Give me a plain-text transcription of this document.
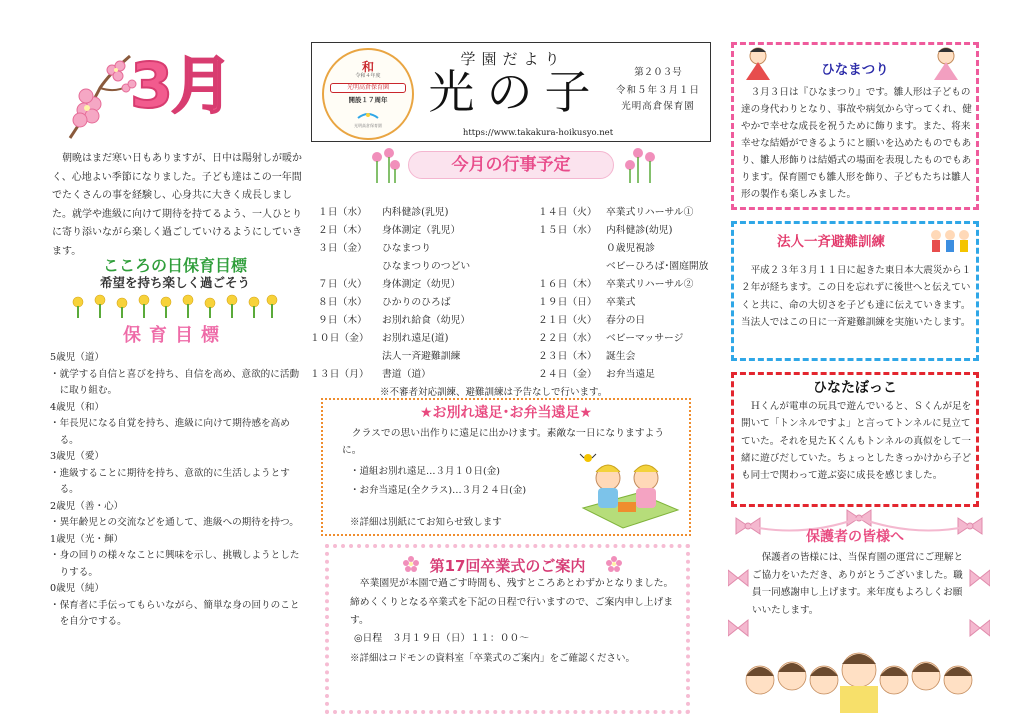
3月
朝晩はまだ寒い日もありますが、日中は陽射しが暖かく、心地よい季節になりました。子ども達はこの一年間でたくさんの事を経験し、心身共に大きく成長しました。就学や進級に向けて期待を持てるよう、一人ひとりに寄り添いながら楽しく過ごしていけるようにしていきます。
こころの日保育目標
希望を持ち楽しく過ごそう
保育目標
5歳児（道）
・就学する自信と喜びを持ち、自信を高め、意欲的に活動に取り組む。
4歳児（和）
・年長児になる自覚を持ち、進級に向けて期待感を高める。
3歳児（愛）
・進級することに期待を持ち、意欲的に生活しようとする。
2歳児（善・心）
・異年齢児との交流などを通して、進級への期待を持つ。
1歳児（光・輝）
・身の回りの様々なことに興味を示し、挑戦しようとしたりする。
0歳児（純）
・保育者に手伝ってもらいながら、簡単な身の回りのことを自分でする。
和
令和４年度
光明高倉保育園
開設１７周年
光明高倉保育園
学園だより
光の子	第２０３号
令和５年３月１日
光明高倉保育園
https://www.takakura-hoikusyo.net
今月の行事予定
１日（水） 内科健診(乳児)
２日（木） 身体測定（乳児）
３日（金） ひなまつり
ひなまつりのつどい
７日（火） 身体測定（幼児）
８日（水） ひかりのひろば
９日（木） お別れ給食（幼児）
１０日（金） お別れ遠足(道)
法人一斉避難訓練
１３日（月） 書道（道）
１４日（火） 卒業式リハーサル①
１５日（水） 内科健診(幼児)
０歳児視診
ベビーひろば･園庭開放
１６日（木） 卒業式リハーサル②
１９日（日） 卒業式
２１日（火） 春分の日
２２日（水） ベビーマッサージ
２３日（木） 誕生会
２４日（金） お弁当遠足
※不審者対応訓練、避難訓練は予告なしで行います。
★お別れ遠足･お弁当遠足★
クラスでの思い出作りに遠足に出かけます。素敵な一日になりますように。
・道組お別れ遠足…３月１０日(金)
・お弁当遠足(全クラス)…３月２４日(金)
※詳細は別紙にてお知らせ致します
第17回卒業式のご案内
卒業園児が本園で過ごす時間も、残すところあとわずかとなりました。締めくくりとなる卒業式を下記の日程で行いますので、ご案内申し上げます。
◎日程　３月１９日（日）１１：００～
※詳細はコドモンの資料室「卒業式のご案内」をご確認ください。
ひなまつり
３月３日は『ひなまつり』です。雛人形は子どもの達の身代わりとなり、事故や病気から守ってくれ、健やかで幸せな成長を祝うために飾ります。また、将来幸せな結婚ができるようにと願いを込めたものでもあり、雛人形飾りは結婚式の場面を表現したものでもあります。保育園でも雛人形を飾り、子どもたちは雛人形の製作も楽しみました。
法人一斉避難訓練
平成２３年３月１１日に起きた東日本大震災から１２年が経ちます。この日を忘れずに後世へと伝えていくと共に、命の大切さを子ども達に伝えていきます。当法人ではこの日に一斉避難訓練を実施いたします。
ひなたぼっこ
Ｈくんが電車の玩具で遊んでいると、Ｓくんが足を開いて「トンネルですよ」と言ってトンネルに見立てていた。それを見たＫくんもトンネルの真似をして一緒に遊びだしていた。ちょっとしたきっかけから子ども同士で関わって遊ぶ姿に成長を感じました。
保護者の皆様へ
保護者の皆様には、当保育園の運営にご理解とご協力をいただき、ありがとうございました。職員一同感謝申し上げます。来年度もよろしくお願いいたします。
